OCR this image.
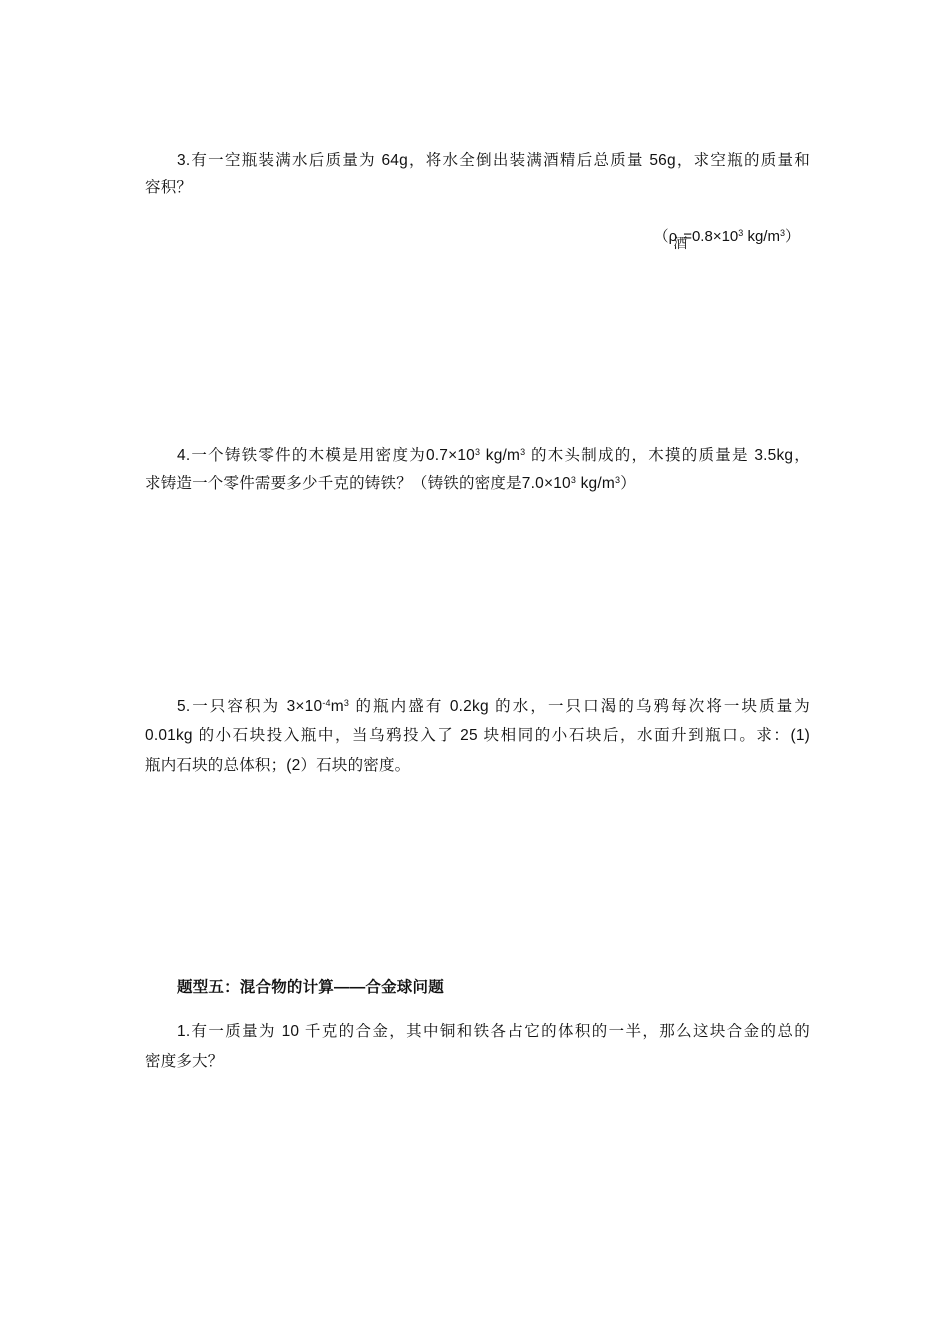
3.有一空瓶装满水后质量为 64g，将水全倒出装满酒精后总质量 56g，求空瓶的质量和
容积？
（ρ酒$=0.8\times 10^3$ $kg/m^3$）
4.一个铸铁零件的木模是用密度为$0.7\times 10^3$ $kg/m^3$ 的木头制成的，木摸的质量是 3.5kg，
求铸造一个零件需要多少千克的铸铁？（铸铁的密度是$7.0\times 10^3$ $kg/m^3$）
5.一只容积为 $3\times 10^{-4}m^3$ 的瓶内盛有 0.2kg 的水，一只口渴的乌鸦每次将一块质量为
0.01kg 的小石块投入瓶中，当乌鸦投入了 25 块相同的小石块后，水面升到瓶口。求：(1)
瓶内石块的总体积；(2）石块的密度。
题型五：混合物的计算——合金球问题
1.有一质量为 10 千克的合金，其中铜和铁各占它的体积的一半，那么这块合金的总的
密度多大？
